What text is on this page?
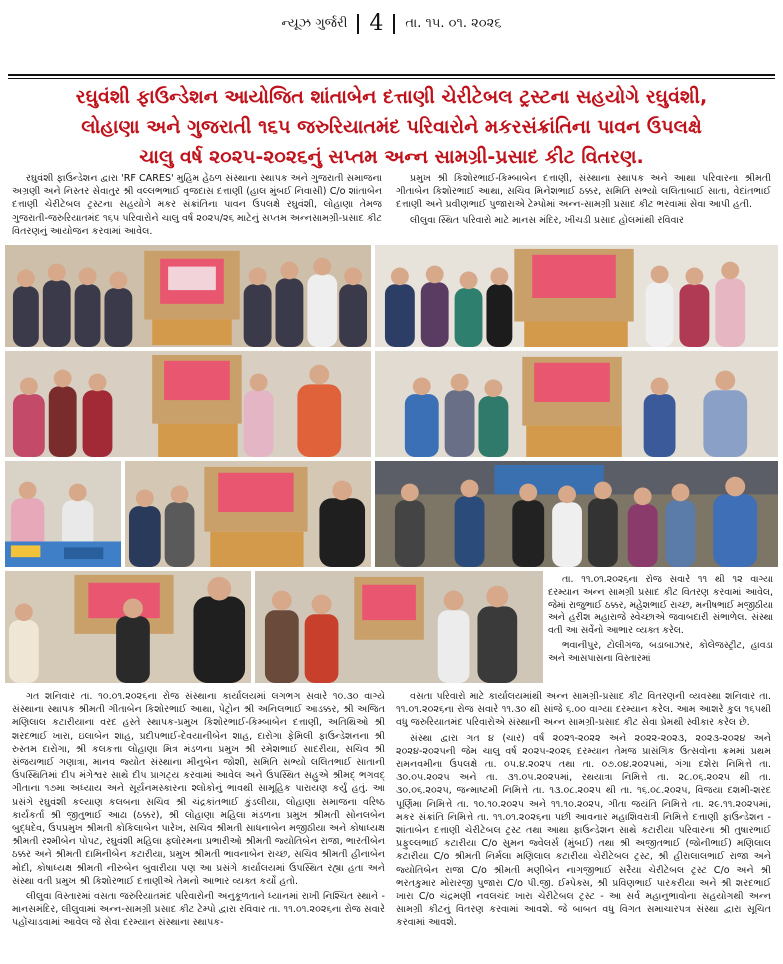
ન્યૂઝ ગુર્જરી 4 તા. ૧૫. ૦૧. ૨૦૨૬
રઘુવંશી ફાઉન્ડેશન આયોજિત શાંતાબેન દત્તાણી ચેરીટેબલ ટ્રસ્ટના સહયોગે રઘુવંશી,
લોહાણા અને ગુજરાતી ૧૬૫ જરુરિયાતમંદ પરિવારોને મકરસંક્રાંતિના પાવન ઉપલક્ષે
ચાલુ વર્ષ ૨૦૨૫-૨૦૨૬નું સપ્તમ અન્ન સામગ્રી-પ્રસાદ કીટ વિતરણ.

રઘુવંશી ફાઉન્ડેશન દ્વારા 'RF CARES' મુહિમ હેઠળ સંસ્થાના સ્થાપક અને ગુજરાતી સમાજના અગ્રણી અને નિસ્તર સેવાતુર શ્રી વલ્લભભાઈ વૃજદાસ દત્તાણી (હાલ મુંબઈ નિવાસી) C/o શાંતાબેન દત્તાણી ચેરીટેબલ ટ્રસ્ટના સહયોગે મકર સંક્રાંતિના પાવન ઉપલક્ષે રઘુવંશી, લોહાણા તેમજ ગુજરાતી-જરુરિયાતમંદ ૧૬૫ પરિવારોને ચાલુ વર્ષ ૨૦૨૫/૨૬ માટેનું સપ્તમ અન્નસામગ્રી-પ્રસાદ કીટ વિતરણનું આયોજન કરવામાં આવેલ.

પ્રમુખ શ્રી કિશોરભાઈ-કિમ્બાબેન દત્તાણી, સંસ્થાના સ્થાપક અને આથા પરિવારના શ્રીમતી ગીતાબેન કિશોરભાઈ આથા, સચિવ મિનેશભાઈ ઠક્કર, સમિતિ સભ્યો લલિતાબાઈ સાતા, વેદાંતભાઈ દત્તાણી અને પ્રવીણભાઈ પુજારાએ ટેમ્પોમાં અન્ન-સામગ્રી પ્રસાદ કીટ ભરવામાં સેવા આપી હતી.

લીલુવા સ્થિત પરિવારો માટે માનસ મંદિર, ખીચડી પ્રસાદ હોલમાંથી રવિવાર

તા. ૧૧.૦૧.૨૦૨૬ના રોજ સવારે ૧૧ થી ૧૨ વાગ્યા દરમ્યાન અન્ન સામગ્રી પ્રસાદ કીટ વિતરણ કરવામાં આવેલ, જેમાં રાજુભાઈ ઠક્કર, મહેશભાઈ રાચ્છ, મનીષભાઈ મજીઠીયા અને હરીશ મહારાજે સ્વેચ્છાએ જવાબદારી સંભાળેલ. સંસ્થા વતી આ સર્વેનો આભાર વ્યક્ત કરેલ.

ભવાનીપુર, ટોલીગંજ, બડાબાઝાર, કોલેજસ્ટ્રીટ, હાવડા અને આસપાસના વિસ્તારમાં

ગત શનિવાર તા. ૧૦.૦૧.૨૦૨૬ના રોજ સંસ્થાના કાર્યાલયમાં લગભગ સવારે ૧૦.૩૦ વાગ્યે સંસ્થાના સ્થાપક શ્રીમતી ગીતાબેન કિશોરભાઈ આથા, પેટ્રોન શ્રી અનિલભાઈ આડક્કર, શ્રી અજિત મણિલાલ કટારીયાના વરદ હસ્તે સ્થાપક-પ્રમુખ કિશોરભાઈ-કિમ્બાબેન દત્તાણી, અતિથિઓ શ્રી શરદભાઈ ખારા, ઇલાબેન શાહ, પ્રદીપભાઈ-દેવયાનીબેન શાહ, દારોગા ફેમિલી ફાઉન્ડેશનના શ્રી રુસ્તમ દારોગા, શ્રી કલકત્તા લોહાણા મિત્ર મંડળના પ્રમુખ શ્રી રમેશભાઈ સાદરીયા, સચિવ શ્રી સંજયભાઈ ગણાત્રા, માનવ જ્યોત સંસ્થાના મીનુબેન જોશી, સમિતિ સભ્યો લલિતભાઈ સાતાની ઉપસ્થિતિમાં દીપ મંગેશ્વર સાથે દીપ પ્રાગટ્ય કરવામાં આવેલ અને ઉપસ્થિત સહુએ શ્રીમદ્ ભગવદ્ ગીતાના ૧૭મા અધ્યાય અને સૂર્યનમસ્કારના શ્લોકોનું ભાવથી સામૂહિક પારાયણ કર્યું હતું. આ પ્રસંગે રઘુવંશી કલ્યાણ કલબના સચિવ શ્રી ચંદ્રકાંતભાઈ કુંડલીયા, લોહાણા સમાજના વરિષ્ઠ કાર્યકર્તા શ્રી જીતુભાઈ આઢા (ઠક્કર), શ્રી લોહાણા મહિલા મંડળના પ્રમુખ શ્રીમતી સોનલબેન બુદ્ધદેવ, ઉપપ્રમુખ શ્રીમતી કોકિલાબેન પારેખ, સચિવ શ્રીમતી સાધનાબેન મજીઠીયા અને કોષાધ્યક્ષ શ્રીમતી રશ્મીબેન પોપટ, રઘુવંશી મહિલા ફ્લોરમના પ્રભારીઓ શ્રીમતી જ્યોતિબેન રાજા, ભારતીબેન ઠક્કર અને શ્રીમતી દામિનીબેન કટારીયા, પ્રમુખ શ્રીમતી ભાવનાબેન રાચ્છ, સચિવ શ્રીમતી હીનાબેન મોદી, કોષાધ્યક્ષ શ્રીમતી નીરુબેન બુવારીયા પણ આ પ્રસંગે કાર્યાલયમાં ઉપસ્થિત રહ્યા હતા અને સંસ્થા વતી પ્રમુખ શ્રી કિશોરભાઈ દત્તાણીએ તેમનો આભાર વ્યક્ત કર્યો હતો.

લીલુવા વિસ્તારમાં વસતા જરુરિયાતમંદ પરિવારોની અનુકૂળતાને ધ્યાનમાં રાખી નિશ્ચિત સ્થાને - માનસમંદિર, લીલુવામાં અન્ન-સામગ્રી પ્રસાદ કીટ ટેમ્પો દ્વારા રવિવાર તા. ૧૧.૦૧.૨૦૨૬ના રોજ સવારે પહોંચાડવામાં આવેલ જે સેવા દરમ્યાન સંસ્થાના સ્થાપક-

વસતા પરિવારો માટે કાર્યાલયમાંથી અન્ન સામગ્રી-પ્રસાદ કીટ વિતરણની વ્યવસ્થા શનિવાર તા. ૧૧.૦૧.૨૦૨૬ના રોજ સવારે ૧૧.૩૦ થી સાંજે ૬.૦૦ વાગ્યા દરમ્યાન કરેલ. આમ આશરે કુલ ૧૬૫થી વધુ જરુરિયાતમંદ પરિવારોએ સંસ્થાની અન્ન સામગ્રી-પ્રસાદ કીટ સેવા પ્રેમથી સ્વીકાર કરેલ છે.

સંસ્થા દ્વારા ગત ૪ (ચાર) વર્ષ ૨૦૨૧-૨૦૨૨ અને ૨૦૨૨-૨૦૨૩, ૨૦૨૩-૨૦૨૪ અને ૨૦૨૪-૨૦૨૫ની જેમ ચાલુ વર્ષ ૨૦૨૫-૨૦૨૬ દરમ્યાન તેમજ પ્રાસંગિક ઉત્સવોના ક્રમમાં પ્રથમ રામનવમીના ઉપલક્ષે તા. ૦૫.૪.૨૦૨૫ તથા તા. ૦૭.૦૪.૨૦૨૫માં, ગંગા દશેરા નિમિત્તે તા. ૩૦.૦૫.૨૦૨૫ અને તા. ૩૧.૦૫.૨૦૨૫માં, રથયાત્રા નિમિત્તે તા. ૨૮.૦૬.૨૦૨૫ થી તા. ૩૦.૦૬.૨૦૨૫, જન્માષ્ટમી નિમિત્તે તા. ૧૩.૦૮.૨૦૨૫ થી તા. ૧૬.૦૮.૨૦૨૫, વિજયા દશમી-શરદ પૂર્ણિમા નિમિત્તે તા. ૧૦.૧૦.૨૦૨૫ અને ૧૧.૧૦.૨૦૨૫, ગીતા જયંતિ નિમિત્તે તા. ૨૯.૧૧.૨૦૨૫માં, મકર સંક્રાંતિ નિમિત્તે તા. ૧૧.૦૧.૨૦૨૬ના પછી આવનાર મહાશિવરાત્રી નિમિત્તે દત્તાણી ફાઉન્ડેશન - શાંતાબેન દત્તાણી ચેરીટેબલ ટ્રસ્ટ તથા આથા ફાઉન્ડેશન સાથે કટારીયા પરિવારના શ્રી તુષારભાઈ પ્રફુલ્લભાઈ કટારીયા C/o સુમન જ્વેલર્સ (મુંબઈ) તથા શ્રી અજીતભાઈ (જોનીભાઈ) મણિલાલ કટારીયા C/o શ્રીમતી નિર્મલા મણિલાલ કટારીયા ચેરીટેબલ ટ્રસ્ટ, શ્રી હીરાલાલભાઈ રાજા અને જ્યોતિબેન રાજા C/o શ્રીમતી મણીબેન નાગજીભાઈ સરૈયા ચેરીટેબલ ટ્રસ્ટ C/o અને શ્રી ભરતકુમાર મોરારજી પુજારા C/o પી.જી. ઈમ્પેક્સ, શ્રી પ્રવિણભાઈ પારકરીયા અને શ્રી શરદભાઈ ખારા C/o ચંદ્રમણી નવલચંદ ખારા ચેરીટેબલ ટ્રસ્ટ - આ સર્વ મહાનુભાવોના સહયોગથી અન્ન સામગ્રી કીટનું વિતરણ કરવામાં આવશે. જે બાબત વધુ વિગત સમાચારપત્ર સંસ્થા દ્વારા સૂચિત કરવામાં આવશે.
